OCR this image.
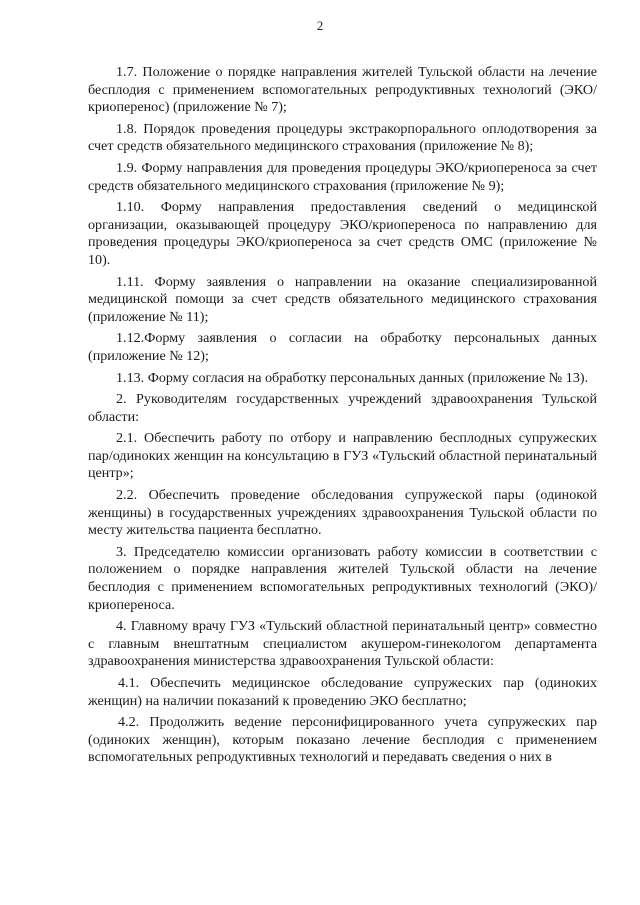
2

1.7. Положение о порядке направления жителей Тульской области на лечение бесплодия с применением вспомогательных репродуктивных технологий (ЭКО/криоперенос) (приложение № 7);

1.8. Порядок проведения процедуры экстракорпорального оплодотворения за счет средств обязательного медицинского страхования (приложение № 8);

1.9. Форму направления для проведения процедуры ЭКО/криопереноса за счет средств обязательного медицинского страхования (приложение № 9);

1.10. Форму направления предоставления сведений о медицинской организации, оказывающей процедуру ЭКО/криопереноса по направлению для проведения процедуры ЭКО/криопереноса за счет средств ОМС (приложение № 10).

1.11. Форму заявления о направлении на оказание специализированной медицинской помощи за счет средств обязательного медицинского страхования (приложение № 11);

1.12.Форму заявления о согласии на обработку персональных данных (приложение № 12);

1.13. Форму согласия на обработку персональных данных (приложение № 13).

2. Руководителям государственных учреждений здравоохранения Тульской области:

2.1. Обеспечить работу по отбору и направлению бесплодных супружеских пар/одиноких женщин на консультацию в ГУЗ «Тульский областной перинатальный центр»;

2.2. Обеспечить проведение обследования супружеской пары (одинокой женщины) в государственных учреждениях здравоохранения Тульской области по месту жительства пациента бесплатно.

3. Председателю комиссии организовать работу комиссии в соответствии с положением о порядке направления жителей Тульской области на лечение бесплодия с применением вспомогательных репродуктивных технологий (ЭКО)/криопереноса.

4. Главному врачу ГУЗ «Тульский областной перинатальный центр» совместно с главным внештатным специалистом акушером-гинекологом департамента здравоохранения министерства здравоохранения Тульской области:

4.1. Обеспечить медицинское обследование супружеских пар (одиноких женщин) на наличии показаний к проведению ЭКО бесплатно;

4.2. Продолжить ведение персонифицированного учета супружеских пар (одиноких женщин), которым показано лечение бесплодия с применением вспомогательных репродуктивных технологий и передавать сведения о них в
